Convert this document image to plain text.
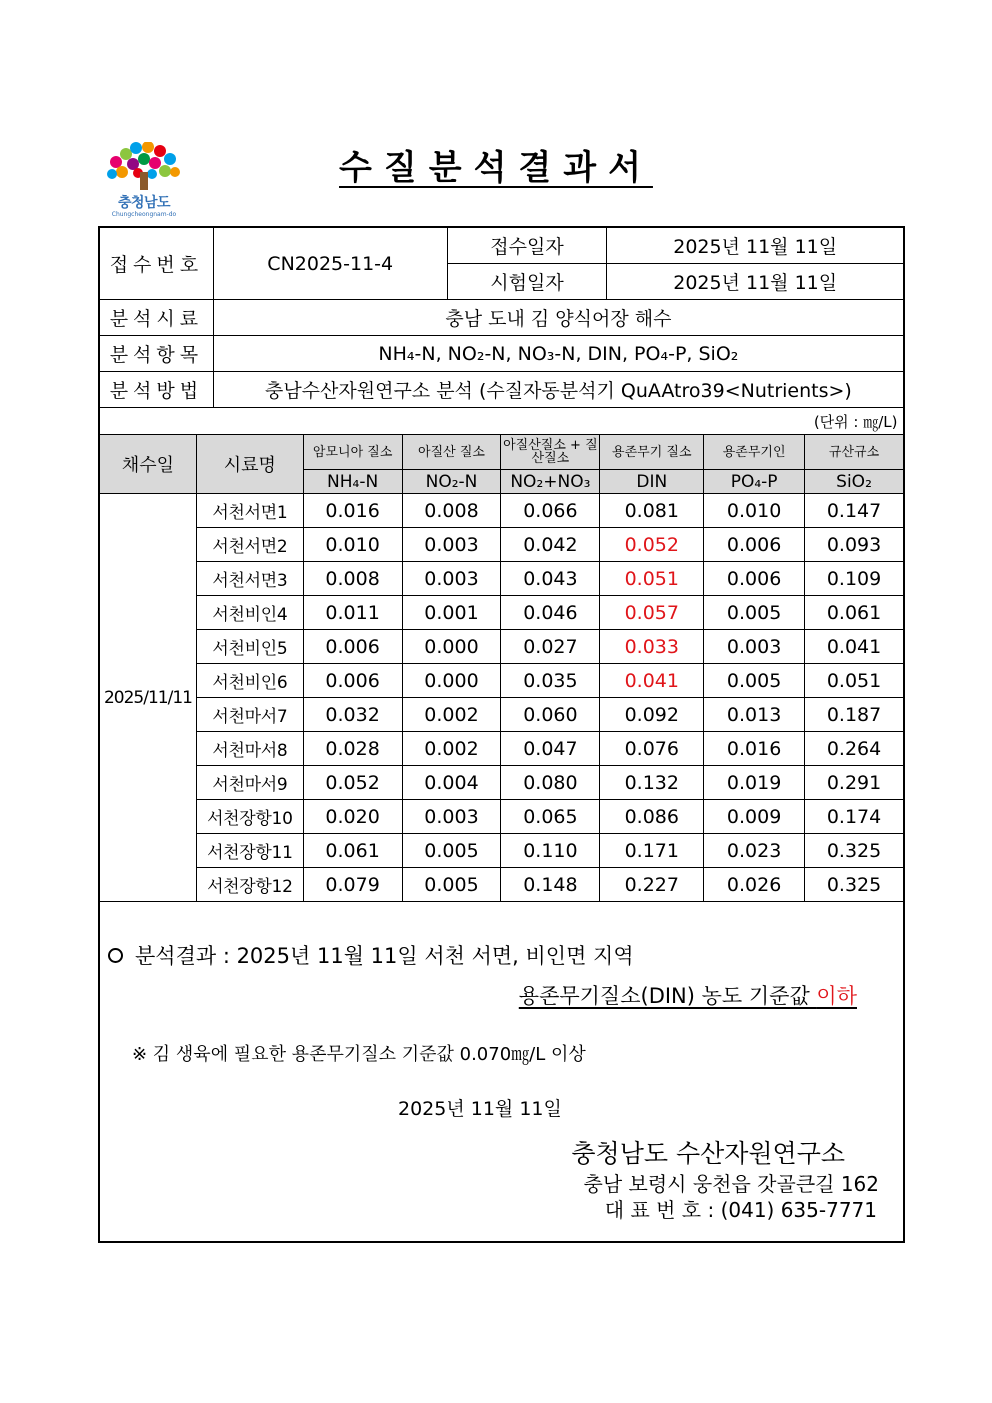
충청남도
Chungcheongnam-do
수질분석결과서
접수번호	CN2025-11-4	접수일자	2025년 11월 11일
		시험일자	2025년 11월 11일
분석시료	충남 도내 김 양식어장 해수		
분석항목	NH₄-N, NO₂-N, NO₃-N, DIN, PO₄-P, SiO₂		
분석방법	충남수산자원연구소 분석 (수질자동분석기 QuAAtro39<Nutrients>)		
(단위 : ㎎/L)			
채수일	시료명	암모니아 질소	아질산 질소	아질산질소 + 질산질소	용존무기 질소	용존무기인	규산규소
		NH₄-N	NO₂-N	NO₂+NO₃	DIN	PO₄-P	SiO₂
2025/11/11	서천서면1	0.016	0.008	0.066	0.081	0.010	0.147
	서천서면2	0.010	0.003	0.042	0.052	0.006	0.093
	서천서면3	0.008	0.003	0.043	0.051	0.006	0.109
	서천비인4	0.011	0.001	0.046	0.057	0.005	0.061
	서천비인5	0.006	0.000	0.027	0.033	0.003	0.041
	서천비인6	0.006	0.000	0.035	0.041	0.005	0.051
	서천마서7	0.032	0.002	0.060	0.092	0.013	0.187
	서천마서8	0.028	0.002	0.047	0.076	0.016	0.264
	서천마서9	0.052	0.004	0.080	0.132	0.019	0.291
	서천장항10	0.020	0.003	0.065	0.086	0.009	0.174
	서천장항11	0.061	0.005	0.110	0.171	0.023	0.325
	서천장항12	0.079	0.005	0.148	0.227	0.026	0.325
분석결과 : 2025년 11월 11일 서천 서면, 비인면 지역
용존무기질소(DIN) 농도 기준값 이하
※ 김 생육에 필요한 용존무기질소 기준값 0.070㎎/L 이상
2025년 11월 11일
충청남도 수산자원연구소
충남 보령시 웅천읍 갓골큰길 162
대 표 번 호 : (041) 635-7771
